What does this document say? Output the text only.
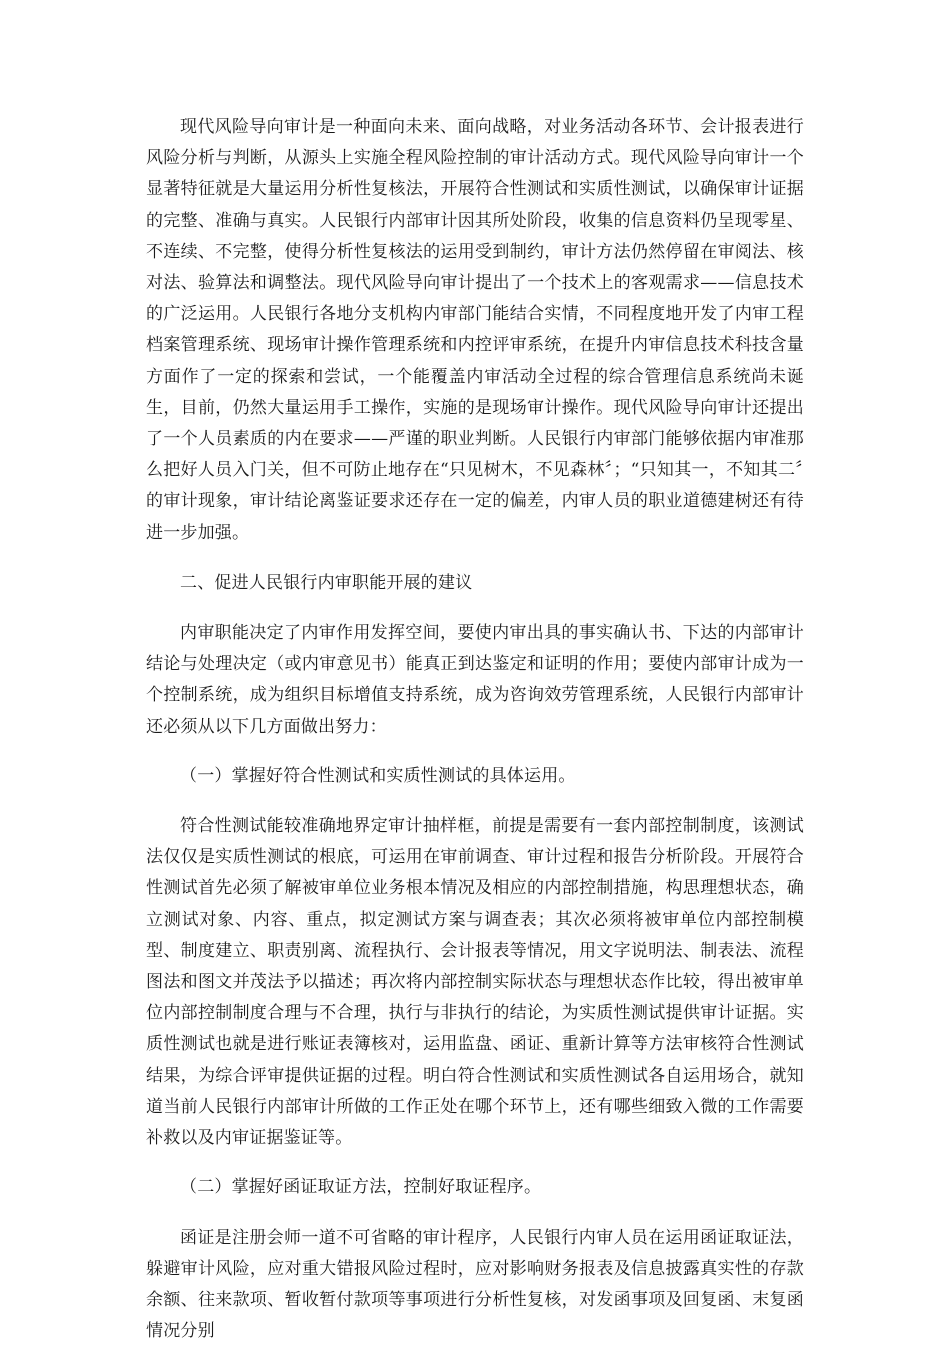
现代风险导向审计是一种面向未来、面向战略，对业务活动各环节、会计报表进行风险分析与判断，从源头上实施全程风险控制的审计活动方式。现代风险导向审计一个显著特征就是大量运用分析性复核法，开展符合性测试和实质性测试，以确保审计证据的完整、准确与真实。人民银行内部审计因其所处阶段，收集的信息资料仍呈现零星、不连续、不完整，使得分析性复核法的运用受到制约，审计方法仍然停留在审阅法、核对法、验算法和调整法。现代风险导向审计提出了一个技术上的客观需求——信息技术的广泛运用。人民银行各地分支机构内审部门能结合实情，不同程度地开发了内审工程档案管理系统、现场审计操作管理系统和内控评审系统，在提升内审信息技术科技含量方面作了一定的探索和尝试，一个能覆盖内审活动全过程的综合管理信息系统尚未诞生，目前，仍然大量运用手工操作，实施的是现场审计操作。现代风险导向审计还提出了一个人员素质的内在要求——严谨的职业判断。人民银行内审部门能够依据内审准那么把好人员入门关，但不可防止地存在“只见树木，不见森林〞；“只知其一，不知其二〞的审计现象，审计结论离鉴证要求还存在一定的偏差，内审人员的职业道德建树还有待进一步加强。

二、促进人民银行内审职能开展的建议

内审职能决定了内审作用发挥空间，要使内审出具的事实确认书、下达的内部审计结论与处理决定（或内审意见书）能真正到达鉴定和证明的作用；要使内部审计成为一个控制系统，成为组织目标增值支持系统，成为咨询效劳管理系统，人民银行内部审计还必须从以下几方面做出努力：

（一）掌握好符合性测试和实质性测试的具体运用。

符合性测试能较准确地界定审计抽样框，前提是需要有一套内部控制制度，该测试法仅仅是实质性测试的根底，可运用在审前调查、审计过程和报告分析阶段。开展符合性测试首先必须了解被审单位业务根本情况及相应的内部控制措施，构思理想状态，确立测试对象、内容、重点，拟定测试方案与调查表；其次必须将被审单位内部控制模型、制度建立、职责别离、流程执行、会计报表等情况，用文字说明法、制表法、流程图法和图文并茂法予以描述；再次将内部控制实际状态与理想状态作比较，得出被审单位内部控制制度合理与不合理，执行与非执行的结论，为实质性测试提供审计证据。实质性测试也就是进行账证表簿核对，运用监盘、函证、重新计算等方法审核符合性测试结果，为综合评审提供证据的过程。明白符合性测试和实质性测试各自运用场合，就知道当前人民银行内部审计所做的工作正处在哪个环节上，还有哪些细致入微的工作需要补救以及内审证据鉴证等。

（二）掌握好函证取证方法，控制好取证程序。

函证是注册会师一道不可省略的审计程序，人民银行内审人员在运用函证取证法，躲避审计风险，应对重大错报风险过程时，应对影响财务报表及信息披露真实性的存款余额、往来款项、暂收暂付款项等事项进行分析性复核，对发函事项及回复函、末复函情况分别
